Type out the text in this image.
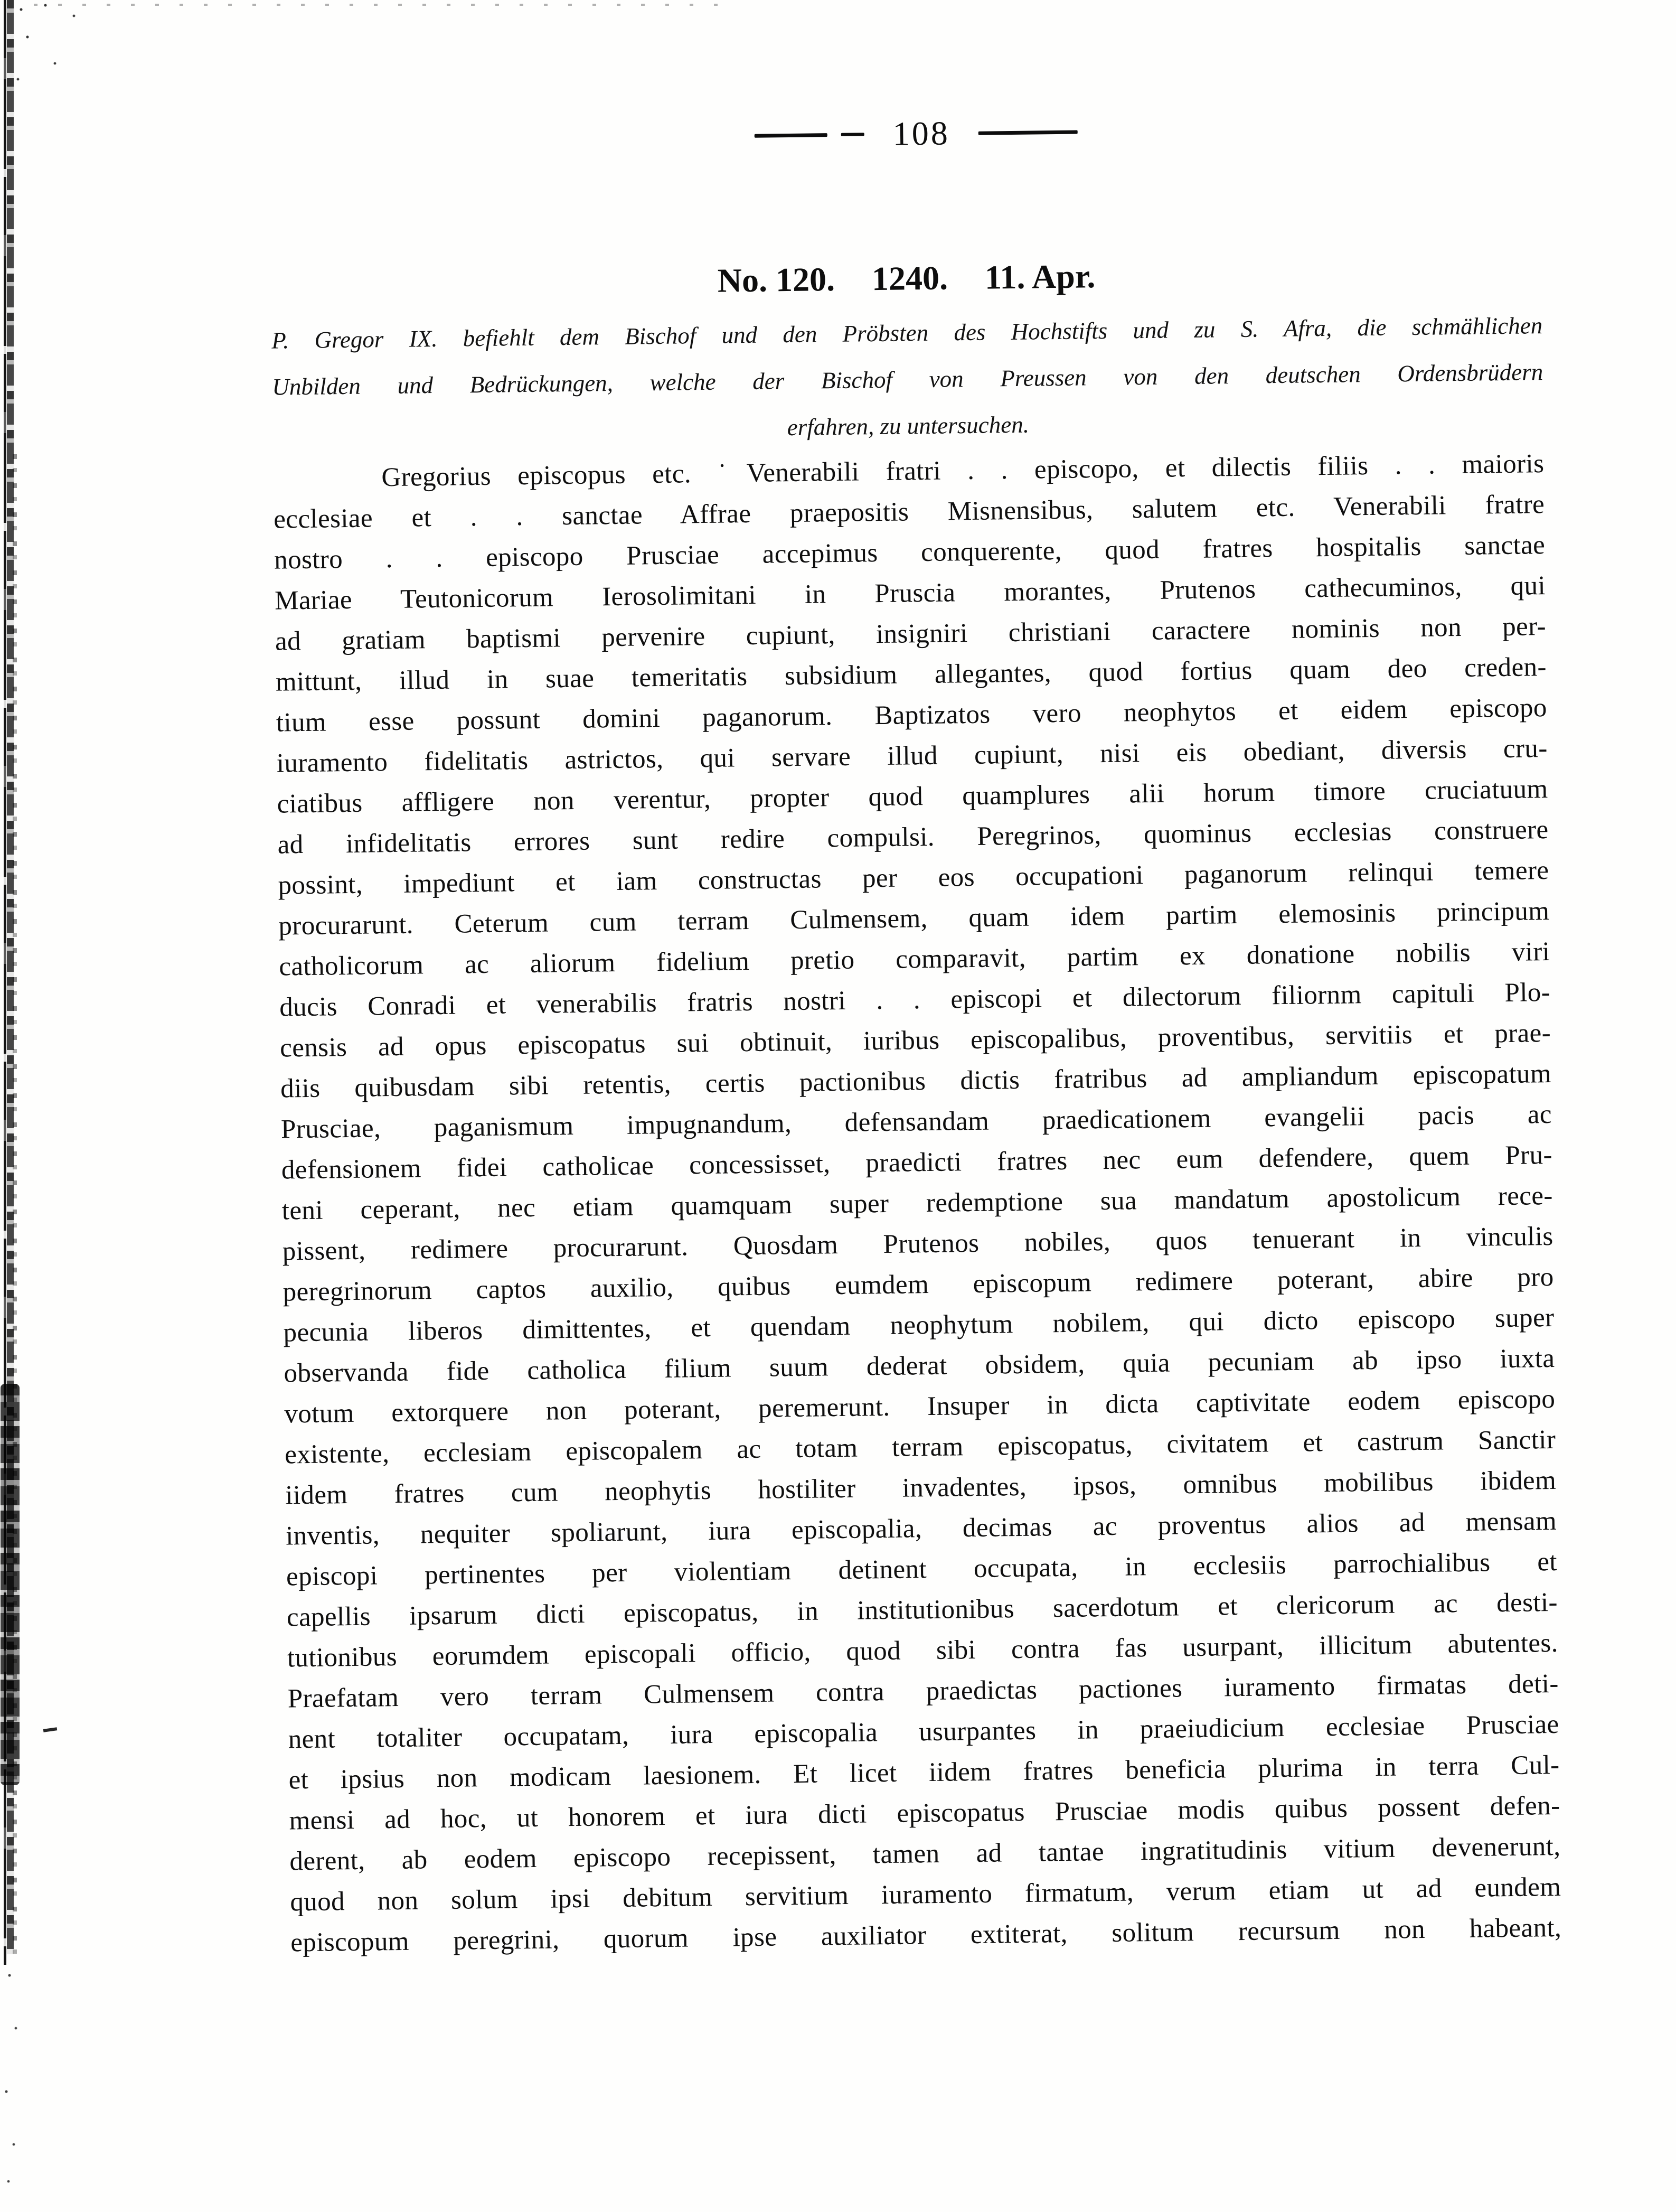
108
No. 120. 1240. 11. Apr.
P. Gregor IX. befiehlt dem Bischof und den Pröbsten des Hochstifts und zu S. Afra, die schmählichen
Unbilden und Bedrückungen, welche der Bischof von Preussen von den deutschen Ordensbrüdern
erfahren, zu untersuchen.
Gregorius episcopus etc. ˙Venerabili fratri . . episcopo, et dilectis filiis . . maioris
ecclesiae et . . sanctae Affrae praepositis Misnensibus, salutem etc. Venerabili fratre
nostro . . episcopo Prusciae accepimus conquerente, quod fratres hospitalis sanctae
Mariae Teutonicorum Ierosolimitani in Pruscia morantes, Prutenos cathecuminos, qui
ad gratiam baptismi pervenire cupiunt, insigniri christiani caractere nominis non per-
mittunt, illud in suae temeritatis subsidium allegantes, quod fortius quam deo creden-
tium esse possunt domini paganorum. Baptizatos vero neophytos et eidem episcopo
iuramento fidelitatis astrictos, qui servare illud cupiunt, nisi eis obediant, diversis cru-
ciatibus affligere non verentur, propter quod quamplures alii horum timore cruciatuum
ad infidelitatis errores sunt redire compulsi. Peregrinos, quominus ecclesias construere
possint, impediunt et iam constructas per eos occupationi paganorum relinqui temere
procurarunt. Ceterum cum terram Culmensem, quam idem partim elemosinis principum
catholicorum ac aliorum fidelium pretio comparavit, partim ex donatione nobilis viri
ducis Conradi et venerabilis fratris nostri . . episcopi et dilectorum filiornm capituli Plo-
censis ad opus episcopatus sui obtinuit, iuribus episcopalibus, proventibus, servitiis et prae-
diis quibusdam sibi retentis, certis pactionibus dictis fratribus ad ampliandum episcopatum
Prusciae, paganismum impugnandum, defensandam praedicationem evangelii pacis ac
defensionem fidei catholicae concessisset, praedicti fratres nec eum defendere, quem Pru-
teni ceperant, nec etiam quamquam super redemptione sua mandatum apostolicum rece-
pissent, redimere procurarunt. Quosdam Prutenos nobiles, quos tenuerant in vinculis
peregrinorum captos auxilio, quibus eumdem episcopum redimere poterant, abire pro
pecunia liberos dimittentes, et quendam neophytum nobilem, qui dicto episcopo super
observanda fide catholica filium suum dederat obsidem, quia pecuniam ab ipso iuxta
votum extorquere non poterant, peremerunt. Insuper in dicta captivitate eodem episcopo
existente, ecclesiam episcopalem ac totam terram episcopatus, civitatem et castrum Sanctir
iidem fratres cum neophytis hostiliter invadentes, ipsos, omnibus mobilibus ibidem
inventis, nequiter spoliarunt, iura episcopalia, decimas ac proventus alios ad mensam
episcopi pertinentes per violentiam detinent occupata, in ecclesiis parrochialibus et
capellis ipsarum dicti episcopatus, in institutionibus sacerdotum et clericorum ac desti-
tutionibus eorumdem episcopali officio, quod sibi contra fas usurpant, illicitum abutentes.
Praefatam vero terram Culmensem contra praedictas pactiones iuramento firmatas deti-
nent totaliter occupatam, iura episcopalia usurpantes in praeiudicium ecclesiae Prusciae
et ipsius non modicam laesionem. Et licet iidem fratres beneficia plurima in terra Cul-
mensi ad hoc, ut honorem et iura dicti episcopatus Prusciae modis quibus possent defen-
derent, ab eodem episcopo recepissent, tamen ad tantae ingratitudinis vitium devenerunt,
quod non solum ipsi debitum servitium iuramento firmatum, verum etiam ut ad eundem
episcopum peregrini, quorum ipse auxiliator extiterat, solitum recursum non habeant,
